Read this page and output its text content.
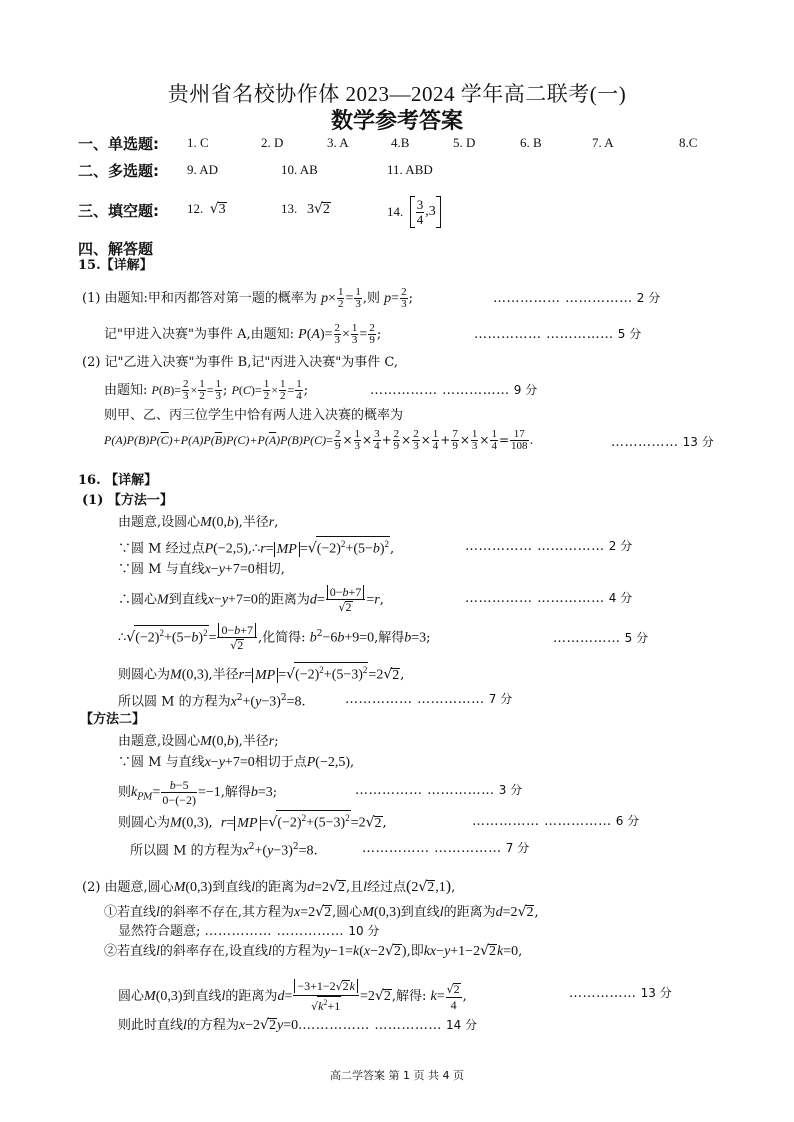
贵州省名校协作体 2023—2024 学年高二联考(一)
数学参考答案
一、单选题: 1. C	2. D	3. A	4.B	5. D	6. B	7. A	8.C
二、多选题: 9. AD	10. AB	11. ABD
三、填空题: 12. √3	13. 3√2	14. $\frac{3}{4} ,3$
四、解答题
15.【详解】
(1) 由题知:甲和丙都答对第一题的概率为 $p\times \frac{1}{2} = \frac{1}{3}$ ,则 $p= \frac{2}{3}$ ;	…………… …………… 2 分
记"甲进入决赛"为事件 A,由题知: $P(A)= \frac{2}{3} \times \frac{1}{3} = \frac{2}{9}$ ;	…………… …………… 5 分
(2) 记"乙进入决赛"为事件 B,记"丙进入决赛"为事件 C,
由题知: $P(B)= \frac{2}{3} \times \frac{1}{2} = \frac{1}{3}$ ; $P(C)= \frac{1}{2} \times \frac{1}{2} = \frac{1}{4}$ ;	…………… …………… 9 分
则甲、乙、丙三位学生中恰有两人进入决赛的概率为
$P(A)P(B)P(\overline{C})+P(A)P(\overline{B})P(C)+P(\overline{A})P(B)P(C)= \frac{2}{9} \times \frac{1}{3} \times \frac{3}{4} + \frac{2}{9} \times \frac{2}{3} \times \frac{1}{4} + \frac{7}{9} \times \frac{1}{3} \times \frac{1}{4} = \frac{17}{108}$ .	…………… 13 分
16. 【详解】
(1) 【方法一】
由题意,设圆心M(0,b),半径r,
∵圆 M 经过点P(−2,5),∴r= MP $=√(-2)^2+(5-b)^2$,	…………… …………… 2 分
∵圆 M 与直线x−y+7=0相切,
∴圆心M到直线x−y+7=0的距离为$d= \frac{0-b+7}{√2} =r$,	…………… …………… 4 分
$\therefore√(-2)^2+(5-b)^2= \frac{0-b+7}{√2}$ ,化简得: $b^2-6b+9=0$,解得b=3;	…………… 5 分
则圆心为M(0,3),半径r= MP $=√(-2)^2+(5-3)^2=2√2$,
所以圆 M 的方程为$x^2+(y-3)^2=8$.	…………… …………… 7 分
【方法二】
由题意,设圆心M(0,b),半径r;
∵圆 M 与直线x−y+7=0相切于点P(−2,5),
则$k_{PM}= \frac{b-5}{0-(-2)} =-1$,解得b=3;	…………… …………… 3 分
则圆心为M(0,3),  r= MP $=√(-2)^2+(5-3)^2=2√2$,	…………… …………… 6 分
所以圆 M 的方程为$x^2+(y-3)^2=8$.	…………… …………… 7 分
(2) 由题意,圆心M(0,3)到直线l的距离为d=2√2,且l经过点(2√2,1),
①若直线l的斜率不存在,其方程为x=2√2,圆心M(0,3)到直线l的距离为d=2√2,
显然符合题意; …………… …………… 10 分
②若直线l的斜率存在,设直线l的方程为y−1=k(x−2√2),即kx−y+1−2√2k=0,
圆心M(0,3)到直线l的距离为$d= \frac{-3+1-2√2k}{√k^2+1} =2√2$,解得: $k= \frac{√2}{4}$ ,	…………… 13 分
则此时直线l的方程为x−2√2y=0.…………… …………… 14 分
高二学答案 第 1 页 共 4 页
